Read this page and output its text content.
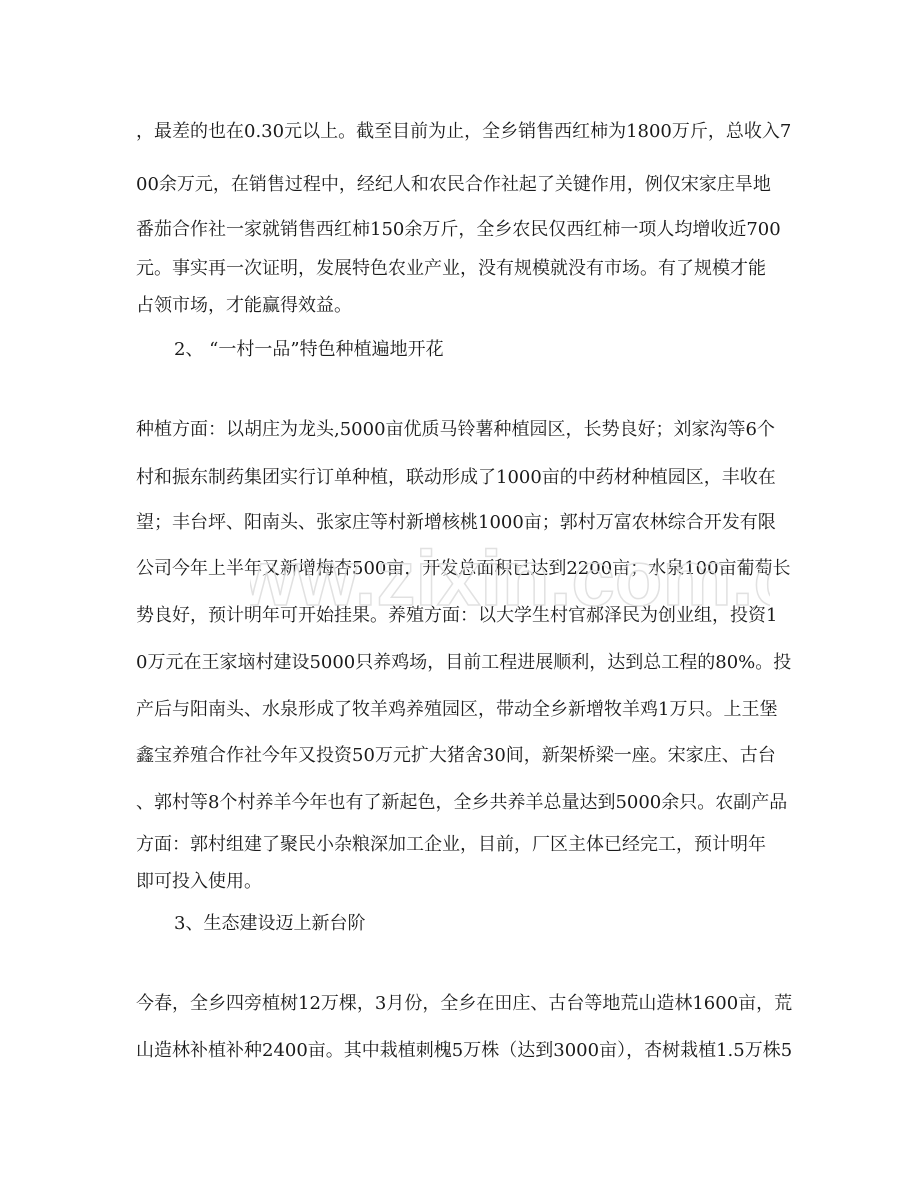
，最差的也在0.30元以上。截至目前为止，全乡销售西红柿为1800万斤，总收入7

00余万元，在销售过程中，经纪人和农民合作社起了关键作用，例仅宋家庄旱地

番茄合作社一家就销售西红柿150余万斤，全乡农民仅西红柿一项人均增收近700

元。事实再一次证明，发展特色农业产业，没有规模就没有市场。有了规模才能

占领市场，才能赢得效益。

2、 “一村一品”特色种植遍地开花

种植方面：以胡庄为龙头,5000亩优质马铃薯种植园区，长势良好；刘家沟等6个

村和振东制药集团实行订单种植，联动形成了1000亩的中药材种植园区，丰收在

望；丰台坪、阳南头、张家庄等村新增核桃1000亩；郭村万富农林综合开发有限

公司今年上半年又新增梅杏500亩，开发总面积已达到2200亩；水泉100亩葡萄长

势良好，预计明年可开始挂果。养殖方面：以大学生村官郝泽民为创业组，投资1

0万元在王家垴村建设5000只养鸡场，目前工程进展顺利，达到总工程的80%。投

产后与阳南头、水泉形成了牧羊鸡养殖园区，带动全乡新增牧羊鸡1万只。上王堡

鑫宝养殖合作社今年又投资50万元扩大猪舍30间，新架桥梁一座。宋家庄、古台

、郭村等8个村养羊今年也有了新起色，全乡共养羊总量达到5000余只。农副产品

方面：郭村组建了聚民小杂粮深加工企业，目前，厂区主体已经完工，预计明年

即可投入使用。

3、生态建设迈上新台阶

今春，全乡四旁植树12万棵，3月份，全乡在田庄、古台等地荒山造林1600亩，荒

山造林补植补种2400亩。其中栽植刺槐5万株（达到3000亩），杏树栽植1.5万株5

ww.zixin.com.
